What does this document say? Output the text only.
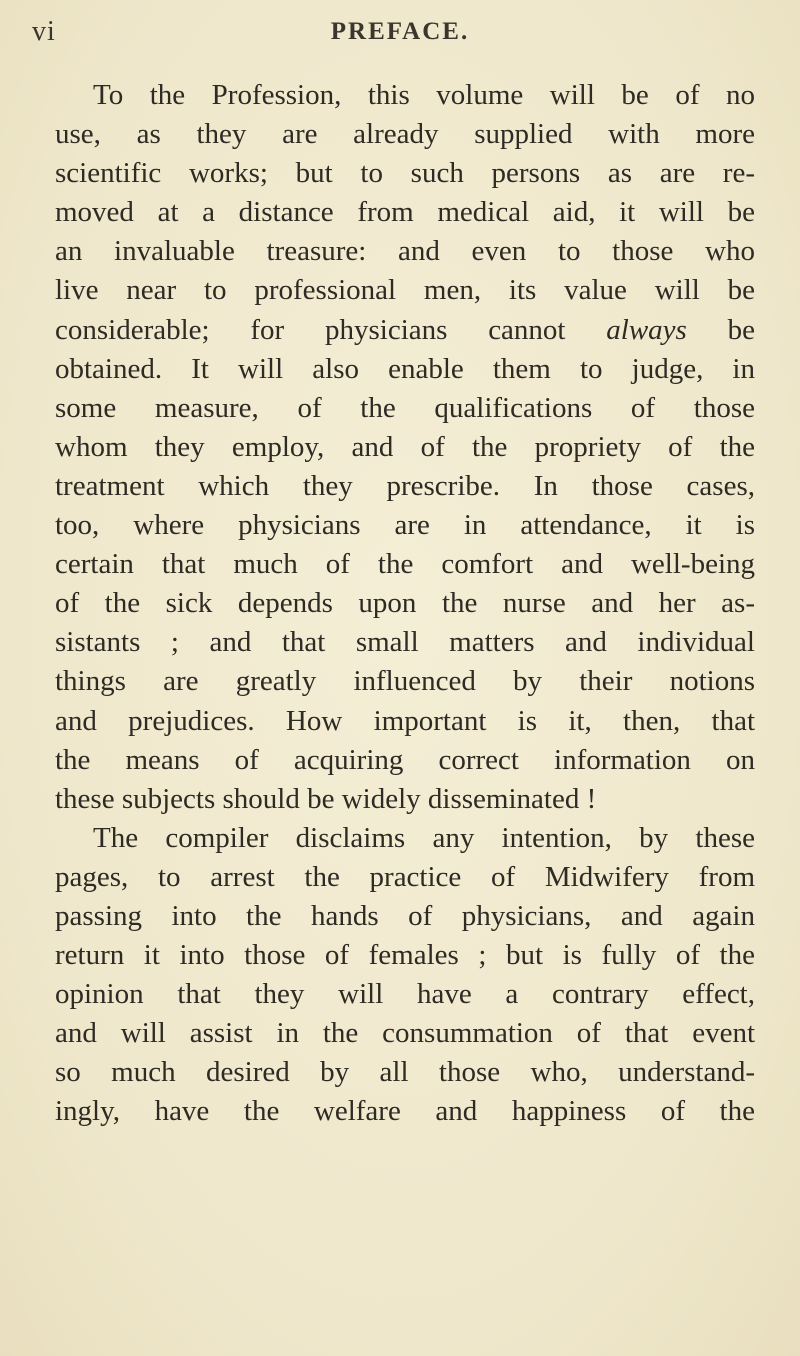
vi	PREFACE.
To the Profession, this volume will be of no
use, as they are already supplied with more
scientific works; but to such persons as are re-
moved at a distance from medical aid, it will be
an invaluable treasure: and even to those who
live near to professional men, its value will be
considerable; for physicians cannot always be
obtained. It will also enable them to judge, in
some measure, of the qualifications of those
whom they employ, and of the propriety of the
treatment which they prescribe. In those cases,
too, where physicians are in attendance, it is
certain that much of the comfort and well-being
of the sick depends upon the nurse and her as-
sistants ; and that small matters and individual
things are greatly influenced by their notions
and prejudices. How important is it, then, that
the means of acquiring correct information on
these subjects should be widely disseminated !
The compiler disclaims any intention, by these
pages, to arrest the practice of Midwifery from
passing into the hands of physicians, and again
return it into those of females ; but is fully of the
opinion that they will have a contrary effect,
and will assist in the consummation of that event
so much desired by all those who, understand-
ingly, have the welfare and happiness of the
